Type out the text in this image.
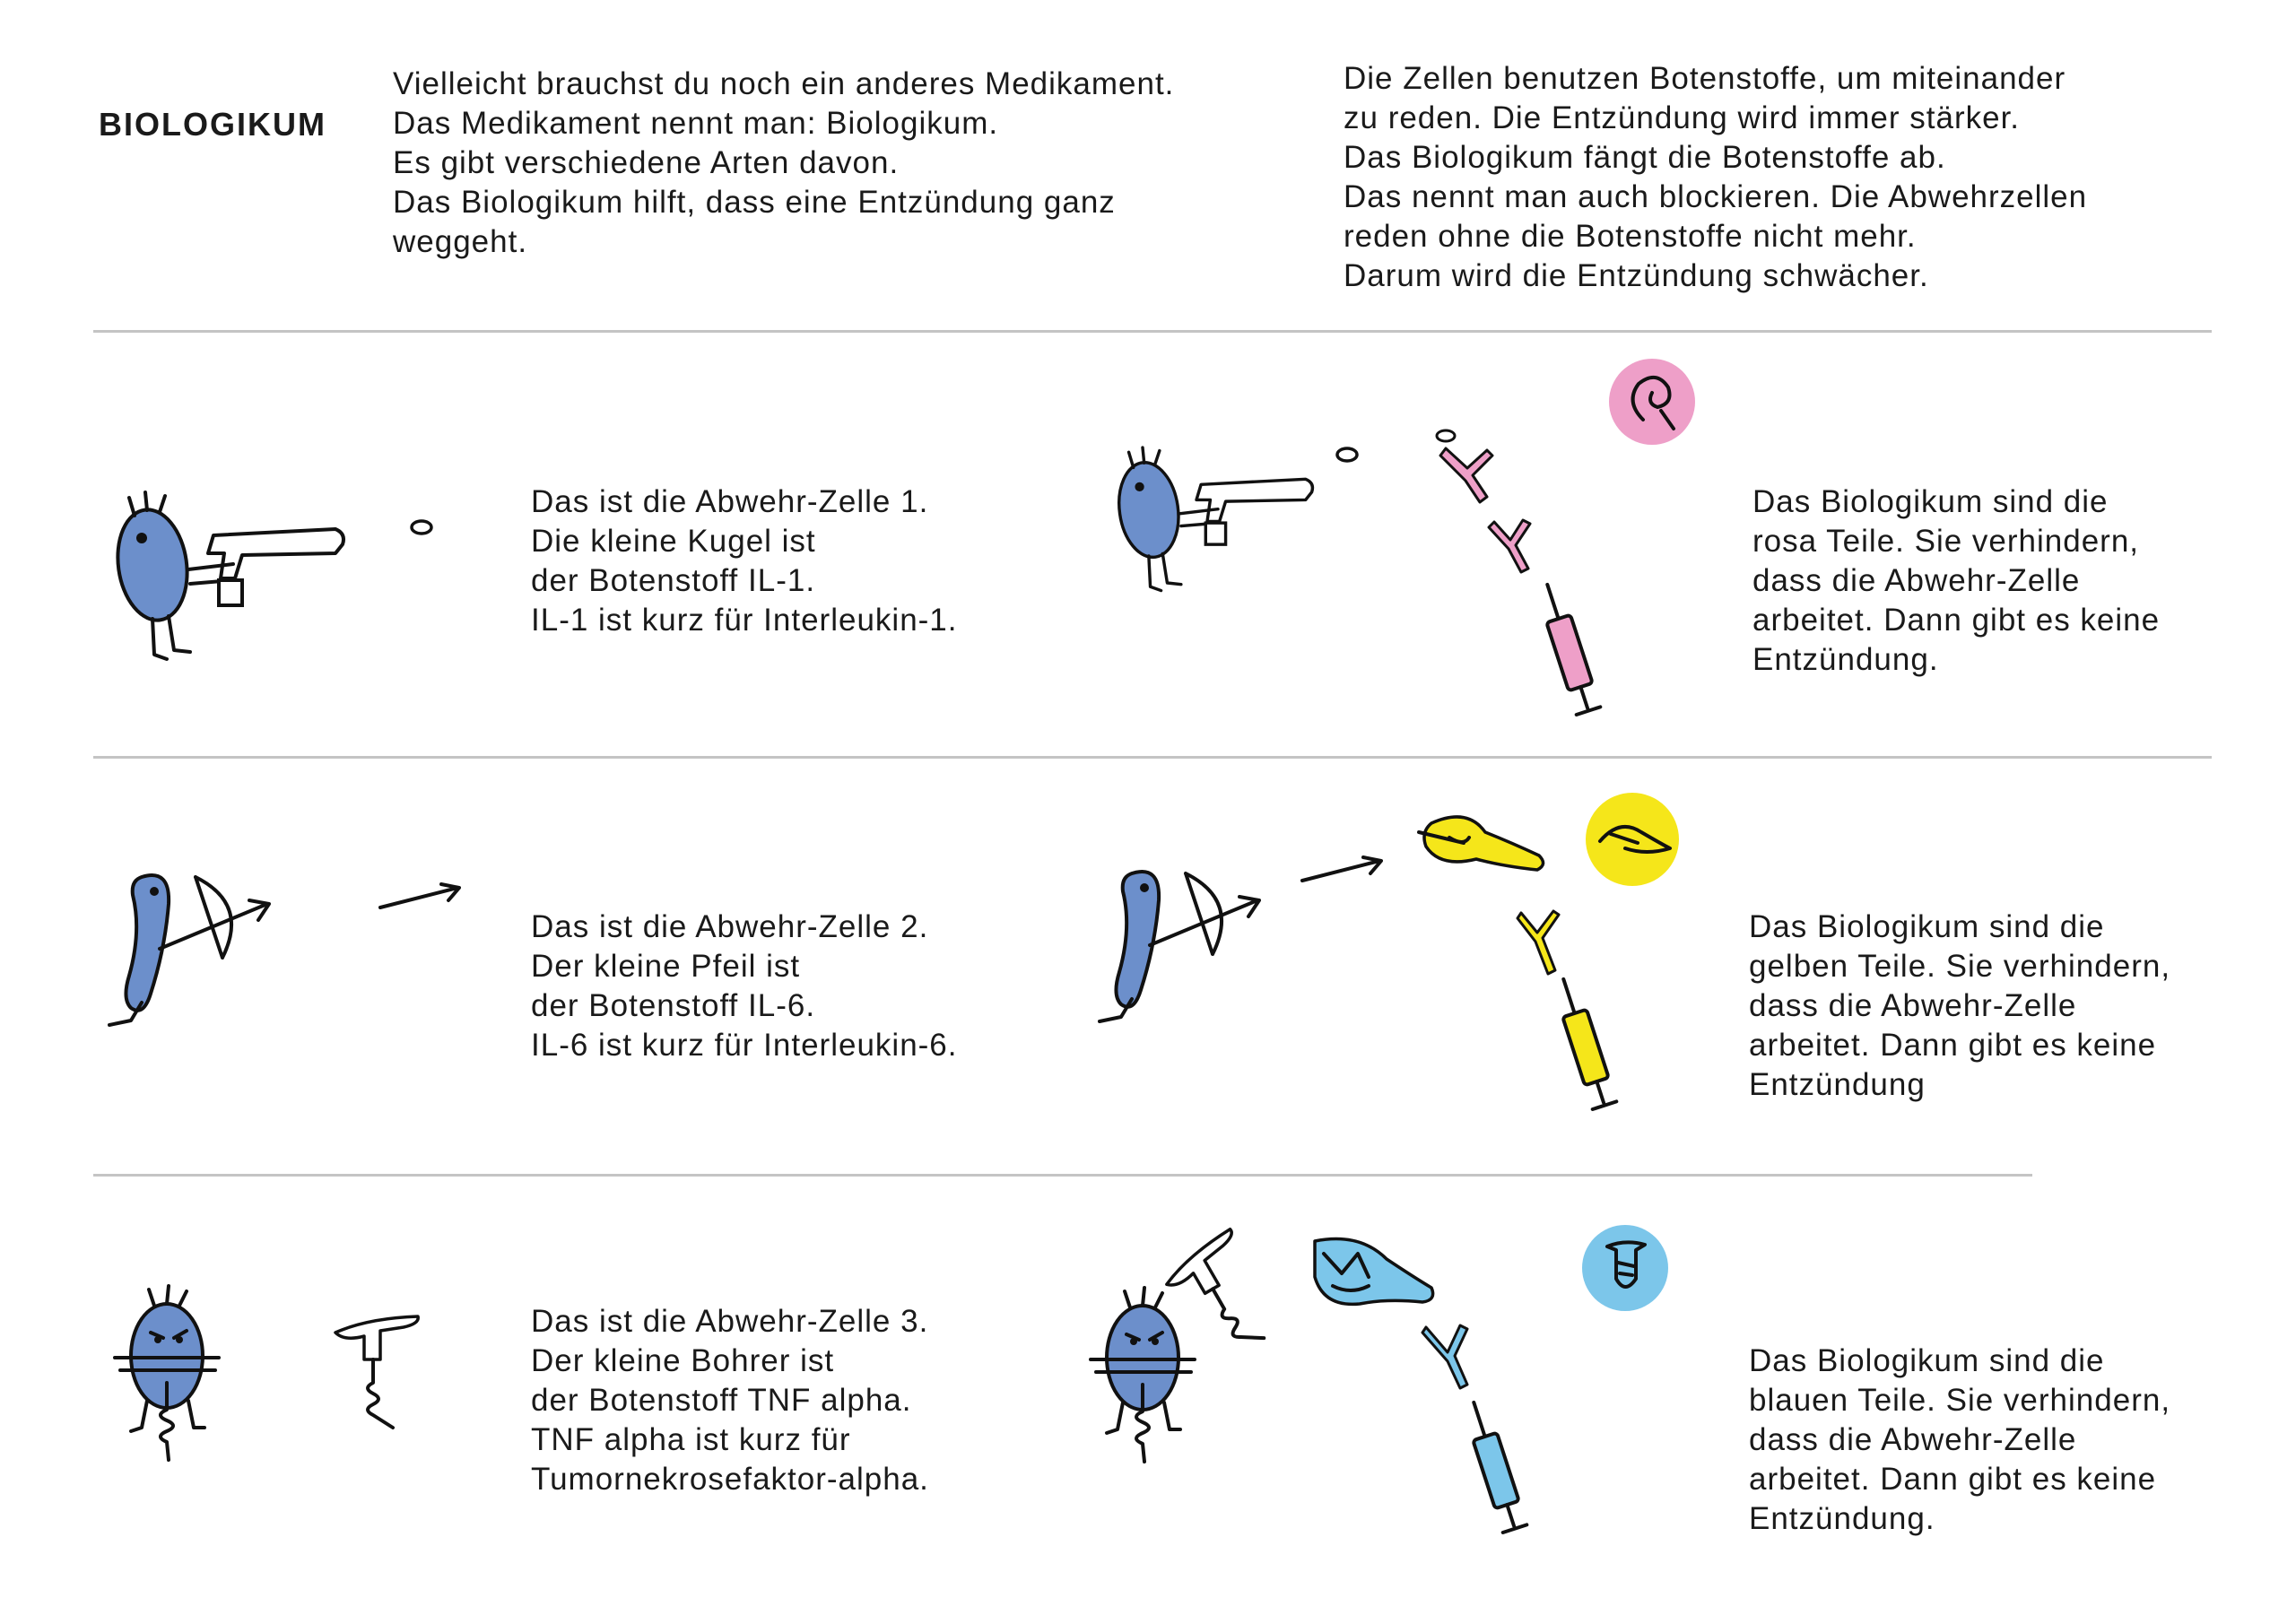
BIOLOGIKUM
Vielleicht brauchst du noch ein anderes Medikament.
Das Medikament nennt man: Biologikum.
Es gibt verschiedene Arten davon.
Das Biologikum hilft, dass eine Entzündung ganz
weggeht.
Die Zellen benutzen Botenstoffe, um miteinander
zu reden. Die Entzündung wird immer stärker.
Das Biologikum fängt die Botenstoffe ab.
Das nennt man auch blockieren. Die Abwehrzellen
reden ohne die Botenstoffe nicht mehr.
Darum wird die Entzündung schwächer.
Das ist die Abwehr-Zelle 1.
Die kleine Kugel ist
der Botenstoff IL-1.
IL-1 ist kurz für Interleukin-1.
Das Biologikum sind die
rosa Teile. Sie verhindern,
dass die Abwehr-Zelle
arbeitet. Dann gibt es keine
Entzündung.
Das ist die Abwehr-Zelle 2.
Der kleine Pfeil ist
der Botenstoff IL-6.
IL-6 ist kurz für Interleukin-6.
Das Biologikum sind die
gelben Teile. Sie verhindern,
dass die Abwehr-Zelle
arbeitet. Dann gibt es keine
Entzündung
Das ist die Abwehr-Zelle 3.
Der kleine Bohrer ist
der Botenstoff TNF alpha.
TNF alpha ist kurz für
Tumornekrosefaktor-alpha.
Das Biologikum sind die
blauen Teile. Sie verhindern,
dass die Abwehr-Zelle
arbeitet. Dann gibt es keine
Entzündung.
